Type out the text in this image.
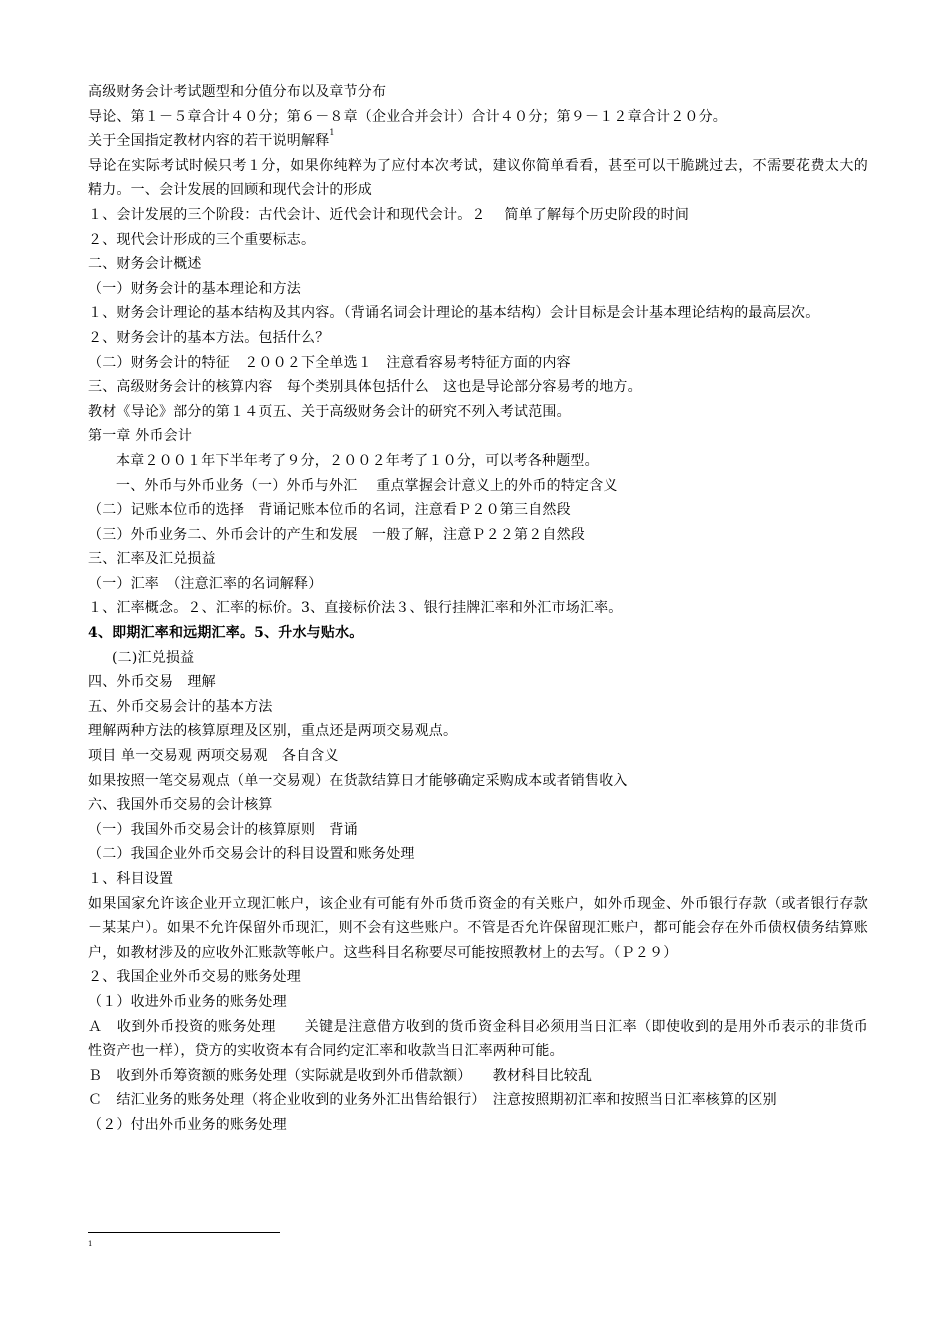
高级财务会计考试题型和分值分布以及章节分布

导论、第１－５章合计４０分；第６－８章（企业合并会计）合计４０分；第９－１２章合计２０分。

关于全国指定教材内容的若干说明解释$^1$

导论在实际考试时候只考１分，如果你纯粹为了应付本次考试，建议你简单看看，甚至可以干脆跳过去，不需要花费太大的精力。一、会计发展的回顾和现代会计的形成

１、会计发展的三个阶段：古代会计、近代会计和现代会计。２　 简单了解每个历史阶段的时间

２、现代会计形成的三个重要标志。

二、财务会计概述

（一）财务会计的基本理论和方法

１、财务会计理论的基本结构及其内容。（背诵名词会计理论的基本结构）会计目标是会计基本理论结构的最高层次。

２、财务会计的基本方法。包括什么？

（二）财务会计的特征　２００２下全单选１　注意看容易考特征方面的内容

三、高级财务会计的核算内容　每个类别具体包括什么　这也是导论部分容易考的地方。

教材《导论》部分的第１４页五、关于高级财务会计的研究不列入考试范围。

第一章 外币会计

本章２００１年下半年考了９分，２００２年考了１０分，可以考各种题型。

一、外币与外币业务（一）外币与外汇　 重点掌握会计意义上的外币的特定含义

（二）记账本位币的选择　背诵记账本位币的名词，注意看Ｐ２０第三自然段

（三）外币业务二、外币会计的产生和发展　一般了解，注意Ｐ２２第２自然段

三、汇率及汇兑损益

（一）汇率　（注意汇率的名词解释）

１、汇率概念。２、汇率的标价。3、直接标价法３、银行挂牌汇率和外汇市场汇率。

4、即期汇率和远期汇率。5、升水与贴水。

(二)汇兑损益

四、外币交易　理解

五、外币交易会计的基本方法

理解两种方法的核算原理及区别，重点还是两项交易观点。

项目 单一交易观 两项交易观　各自含义

如果按照一笔交易观点（单一交易观）在货款结算日才能够确定采购成本或者销售收入

六、我国外币交易的会计核算

（一）我国外币交易会计的核算原则　背诵

（二）我国企业外币交易会计的科目设置和账务处理

１、科目设置

如果国家允许该企业开立现汇帐户，该企业有可能有外币货币资金的有关账户，如外币现金、外币银行存款（或者银行存款－某某户）。如果不允许保留外币现汇，则不会有这些账户。不管是否允许保留现汇账户，都可能会存在外币债权债务结算账户，如教材涉及的应收外汇账款等帐户。这些科目名称要尽可能按照教材上的去写。（Ｐ２９）

２、我国企业外币交易的账务处理

（１）收进外币业务的账务处理

Ａ　收到外币投资的账务处理　　关键是注意借方收到的货币资金科目必须用当日汇率（即使收到的是用外币表示的非货币性资产也一样），贷方的实收资本有合同约定汇率和收款当日汇率两种可能。

Ｂ　收到外币筹资额的账务处理（实际就是收到外币借款额）　　教材科目比较乱

Ｃ　结汇业务的账务处理（将企业收到的业务外汇出售给银行）　注意按照期初汇率和按照当日汇率核算的区别

（２）付出外币业务的账务处理

1
